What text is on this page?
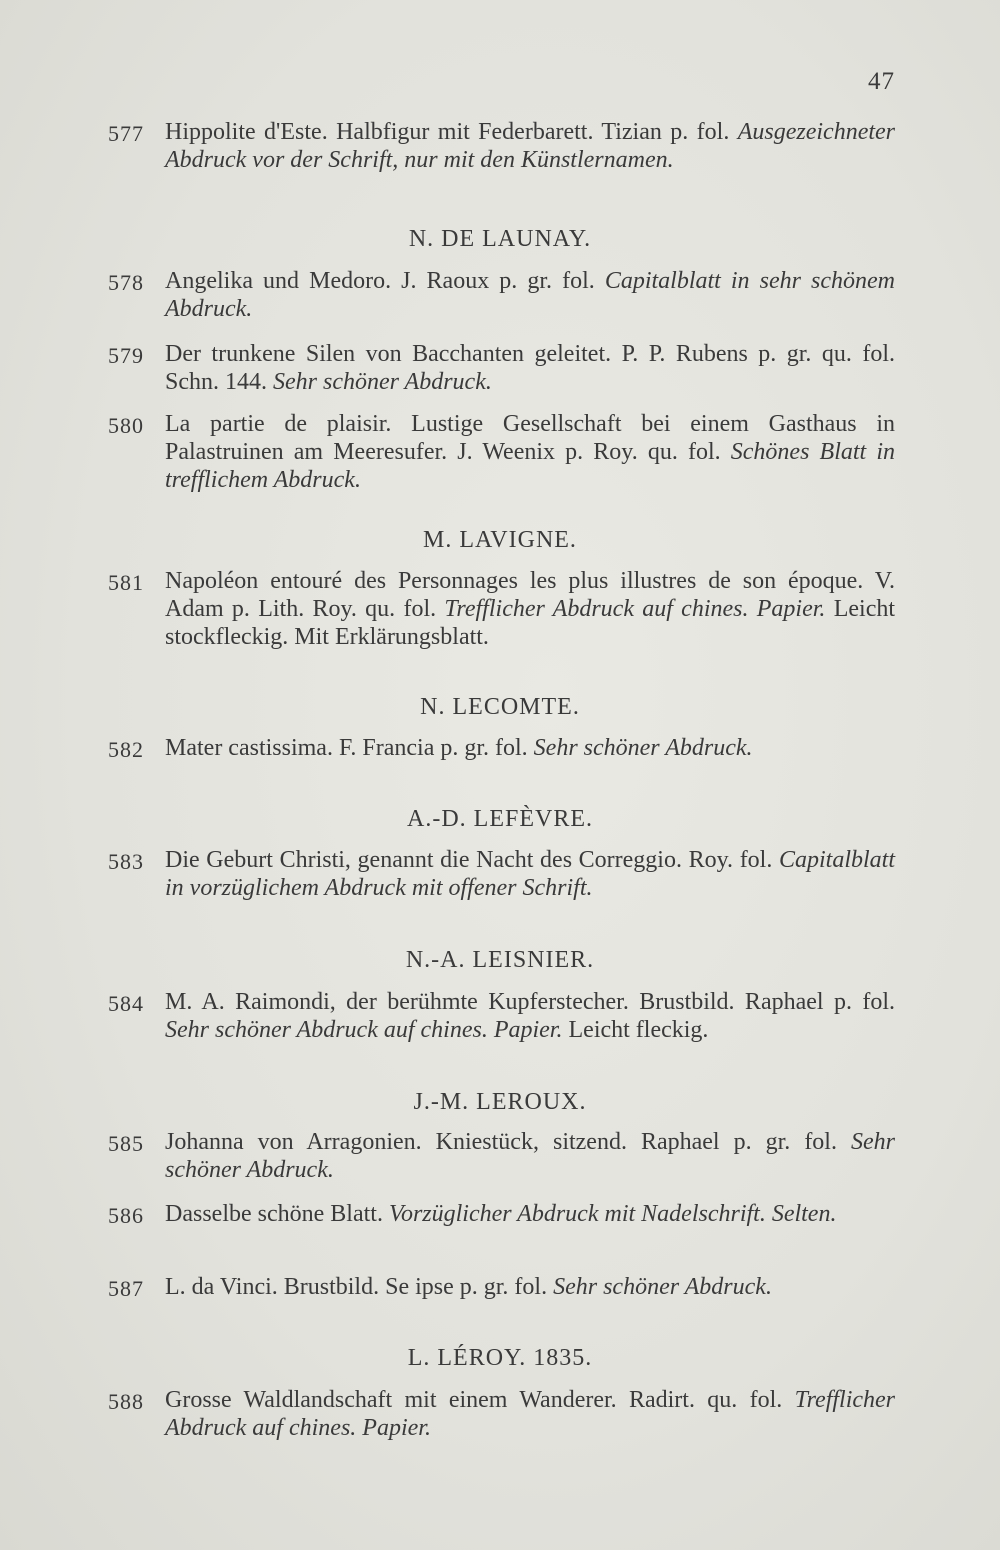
47
577 Hippolite d'Este. Halbfigur mit Federbarett. Tizian p. fol. Ausgezeichneter Abdruck vor der Schrift, nur mit den Künstlernamen.
N. DE LAUNAY.
578 Angelika und Medoro. J. Raoux p. gr. fol. Capitalblatt in sehr schönem Abdruck.
579 Der trunkene Silen von Bacchanten geleitet. P. P. Rubens p. gr. qu. fol. Schn. 144. Sehr schöner Abdruck.
580 La partie de plaisir. Lustige Gesellschaft bei einem Gasthaus in Palastruinen am Meeresufer. J. Weenix p. Roy. qu. fol. Schönes Blatt in trefflichem Abdruck.
M. LAVIGNE.
581 Napoléon entouré des Personnages les plus illustres de son époque. V. Adam p. Lith. Roy. qu. fol. Trefflicher Abdruck auf chines. Papier. Leicht stockfleckig. Mit Erklärungsblatt.
N. LECOMTE.
582 Mater castissima. F. Francia p. gr. fol. Sehr schöner Abdruck.
A.-D. LEFÈVRE.
583 Die Geburt Christi, genannt die Nacht des Correggio. Roy. fol. Capitalblatt in vorzüglichem Abdruck mit offener Schrift.
N.-A. LEISNIER.
584 M. A. Raimondi, der berühmte Kupferstecher. Brustbild. Raphael p. fol. Sehr schöner Abdruck auf chines. Papier. Leicht fleckig.
J.-M. LEROUX.
585 Johanna von Arragonien. Kniestück, sitzend. Raphael p. gr. fol. Sehr schöner Abdruck.
586 Dasselbe schöne Blatt. Vorzüglicher Abdruck mit Nadelschrift. Selten.
587 L. da Vinci. Brustbild. Se ipse p. gr. fol. Sehr schöner Abdruck.
L. LÉROY. 1835.
588 Grosse Waldlandschaft mit einem Wanderer. Radirt. qu. fol. Trefflicher Abdruck auf chines. Papier.
